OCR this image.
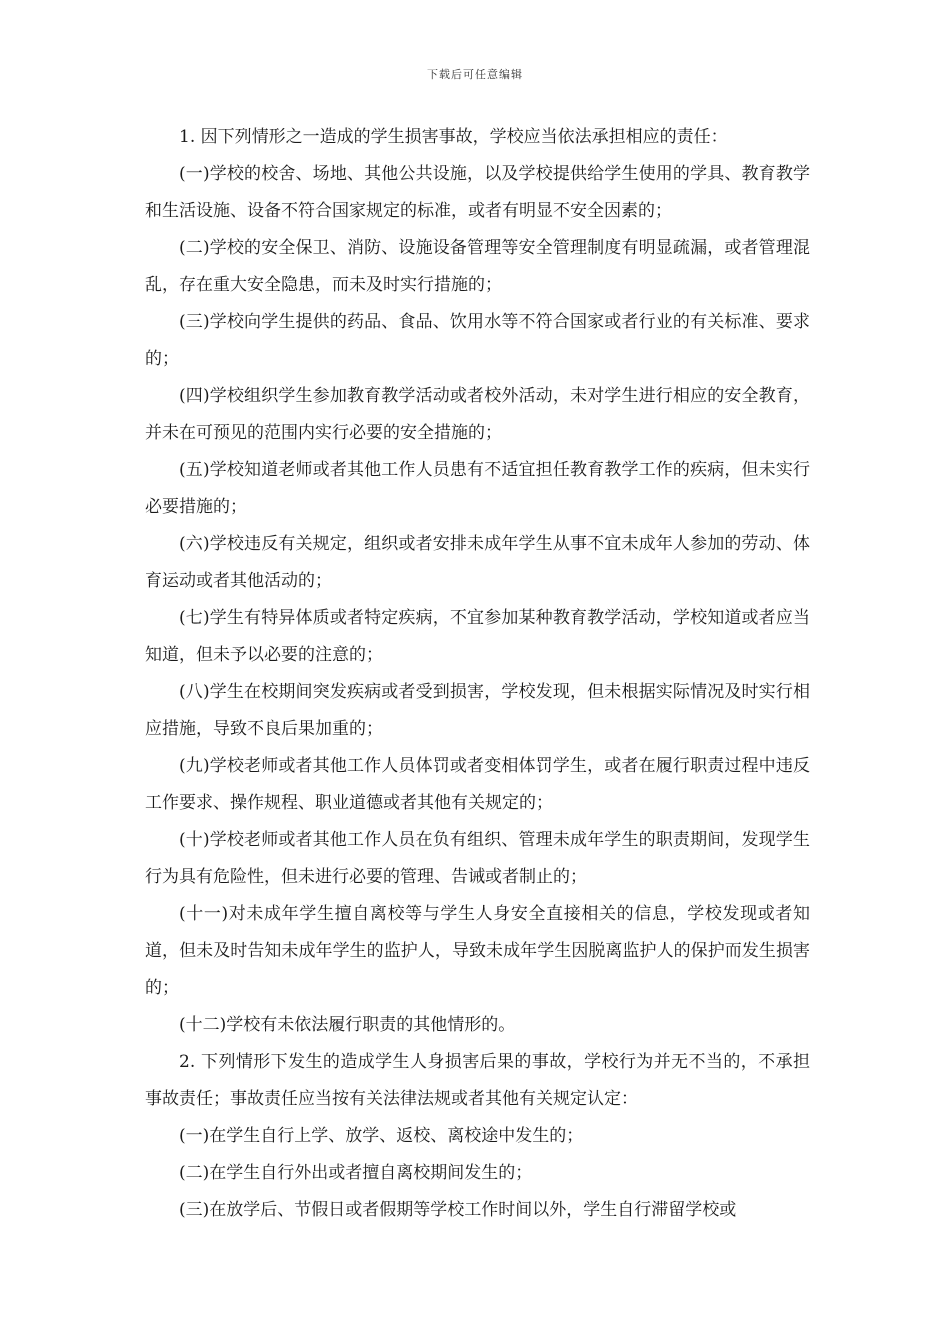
下载后可任意编辑

1. 因下列情形之一造成的学生损害事故，学校应当依法承担相应的责任：

(一)学校的校舍、场地、其他公共设施，以及学校提供给学生使用的学具、教育教学和生活设施、设备不符合国家规定的标准，或者有明显不安全因素的；

(二)学校的安全保卫、消防、设施设备管理等安全管理制度有明显疏漏，或者管理混乱，存在重大安全隐患，而未及时实行措施的；

(三)学校向学生提供的药品、食品、饮用水等不符合国家或者行业的有关标准、要求的；

(四)学校组织学生参加教育教学活动或者校外活动，未对学生进行相应的安全教育，并未在可预见的范围内实行必要的安全措施的；

(五)学校知道老师或者其他工作人员患有不适宜担任教育教学工作的疾病，但未实行必要措施的；

(六)学校违反有关规定，组织或者安排未成年学生从事不宜未成年人参加的劳动、体育运动或者其他活动的；

(七)学生有特异体质或者特定疾病，不宜参加某种教育教学活动，学校知道或者应当知道，但未予以必要的注意的；

(八)学生在校期间突发疾病或者受到损害，学校发现，但未根据实际情况及时实行相应措施，导致不良后果加重的；

(九)学校老师或者其他工作人员体罚或者变相体罚学生，或者在履行职责过程中违反工作要求、操作规程、职业道德或者其他有关规定的；

(十)学校老师或者其他工作人员在负有组织、管理未成年学生的职责期间，发现学生行为具有危险性，但未进行必要的管理、告诫或者制止的；

(十一)对未成年学生擅自离校等与学生人身安全直接相关的信息，学校发现或者知道，但未及时告知未成年学生的监护人，导致未成年学生因脱离监护人的保护而发生损害的；

(十二)学校有未依法履行职责的其他情形的。

2. 下列情形下发生的造成学生人身损害后果的事故，学校行为并无不当的，不承担事故责任；事故责任应当按有关法律法规或者其他有关规定认定：

(一)在学生自行上学、放学、返校、离校途中发生的；

(二)在学生自行外出或者擅自离校期间发生的；

(三)在放学后、节假日或者假期等学校工作时间以外，学生自行滞留学校或
